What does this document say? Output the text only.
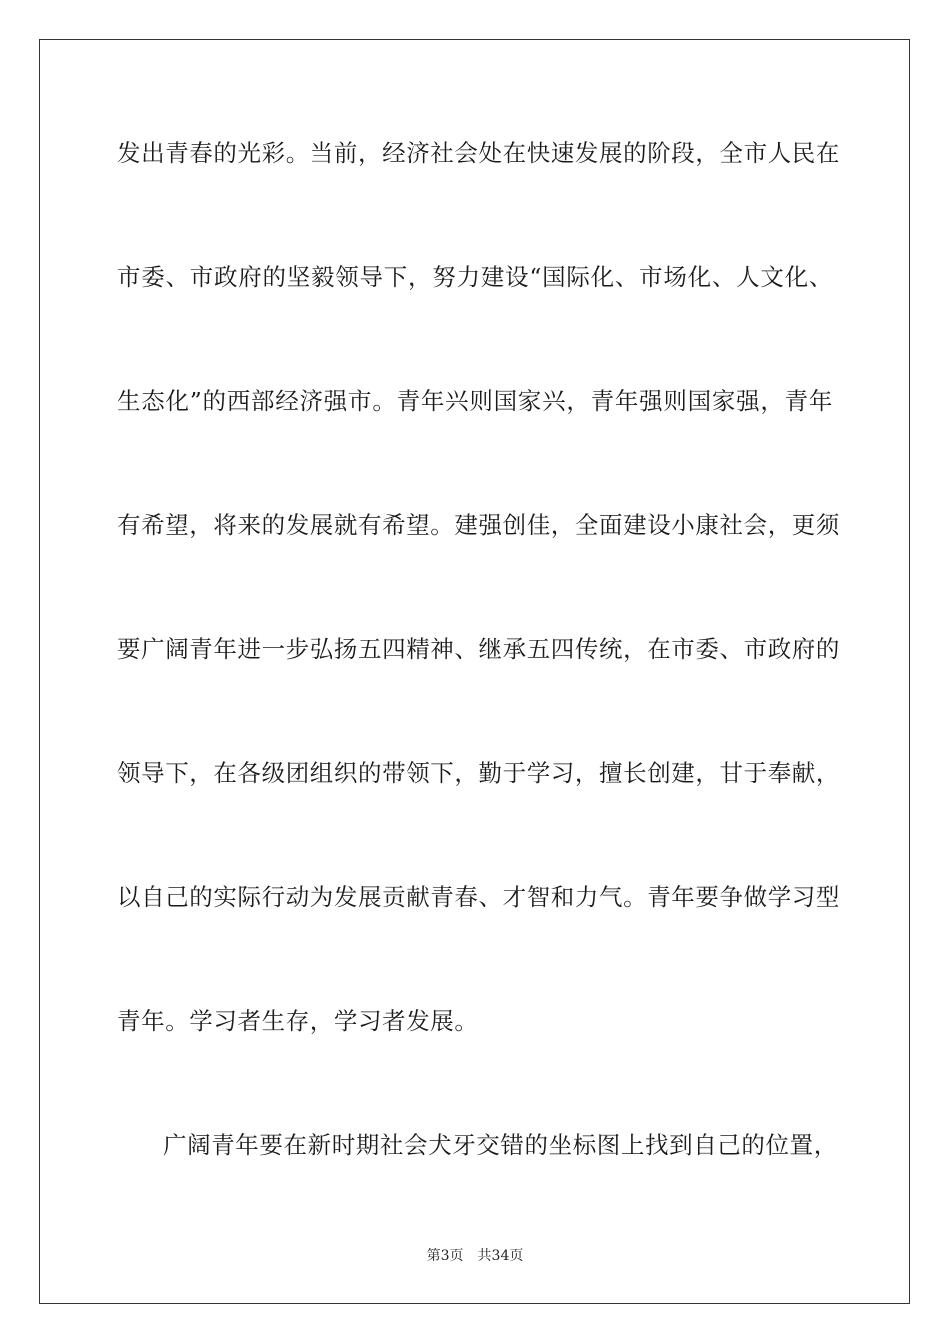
发出青春的光彩。当前，经济社会处在快速发展的阶段，全市人民在
市委、市政府的坚毅领导下，努力建设“国际化、市场化、人文化、
生态化”的西部经济强市。青年兴则国家兴，青年强则国家强，青年
有希望，将来的发展就有希望。建强创佳，全面建设小康社会，更须
要广阔青年进一步弘扬五四精神、继承五四传统，在市委、市政府的
领导下，在各级团组织的带领下，勤于学习，擅长创建，甘于奉献，
以自己的实际行动为发展贡献青春、才智和力气。青年要争做学习型
青年。学习者生存，学习者发展。
广阔青年要在新时期社会犬牙交错的坐标图上找到自己的位置，
第3页 共34页
